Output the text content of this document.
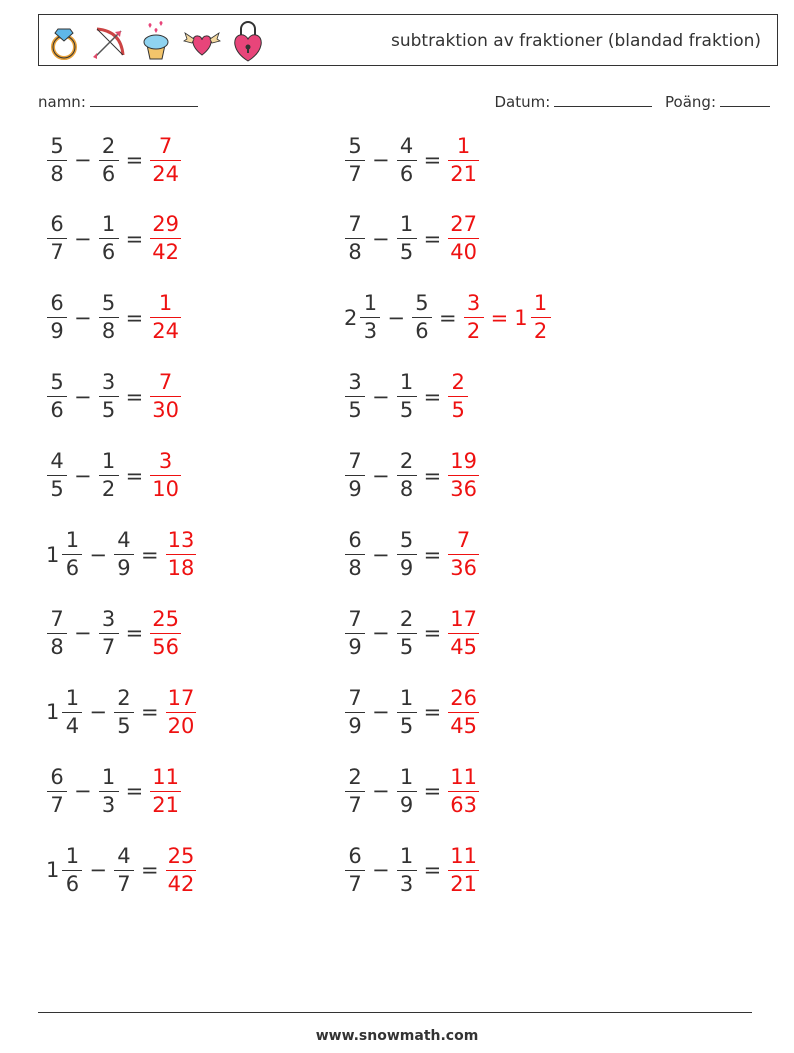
subtraktion av fraktioner (blandad fraktion)
namn:	Datum:	Poäng:
$\frac{5}{8} - \frac{2}{6} = \frac{7}{24}$	$\frac{5}{7} - \frac{4}{6} = \frac{1}{21}$
$\frac{6}{7} - \frac{1}{6} = \frac{29}{42}$	$\frac{7}{8} - \frac{1}{5} = \frac{27}{40}$
$\frac{6}{9} - \frac{5}{8} = \frac{1}{24}$	$2 \frac{1}{3} - \frac{5}{6} = \frac{3}{2} = 1 \frac{1}{2}$
$\frac{5}{6} - \frac{3}{5} = \frac{7}{30}$	$\frac{3}{5} - \frac{1}{5} = \frac{2}{5}$
$\frac{4}{5} - \frac{1}{2} = \frac{3}{10}$	$\frac{7}{9} - \frac{2}{8} = \frac{19}{36}$
$1 \frac{1}{6} - \frac{4}{9} = \frac{13}{18}$	$\frac{6}{8} - \frac{5}{9} = \frac{7}{36}$
$\frac{7}{8} - \frac{3}{7} = \frac{25}{56}$	$\frac{7}{9} - \frac{2}{5} = \frac{17}{45}$
$1 \frac{1}{4} - \frac{2}{5} = \frac{17}{20}$	$\frac{7}{9} - \frac{1}{5} = \frac{26}{45}$
$\frac{6}{7} - \frac{1}{3} = \frac{11}{21}$	$\frac{2}{7} - \frac{1}{9} = \frac{11}{63}$
$1 \frac{1}{6} - \frac{4}{7} = \frac{25}{42}$	$\frac{6}{7} - \frac{1}{3} = \frac{11}{21}$
www.snowmath.com
